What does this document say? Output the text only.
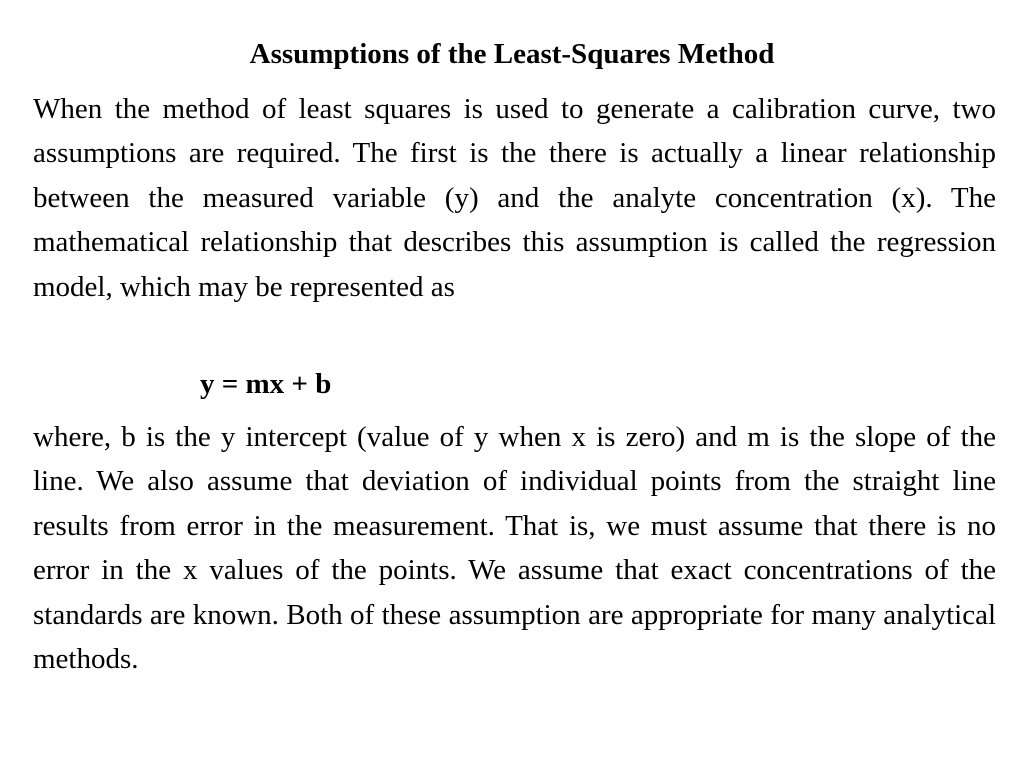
Assumptions of the Least-Squares Method

When the method of least squares is used to generate a calibration curve, two assumptions are required. The first is the there is actually a linear relationship between the measured variable (y) and the analyte concentration (x). The mathematical relationship that describes this assumption is called the regression model, which may be represented as

y = mx + b

where, b is the y intercept (value of y when x is zero) and m is the slope of the line. We also assume that deviation of individual points from the straight line results from error in the measurement. That is, we must assume that there is no error in the x values of the points. We assume that exact concentrations of the standards are known. Both of these assumption are appropriate for many analytical methods.
